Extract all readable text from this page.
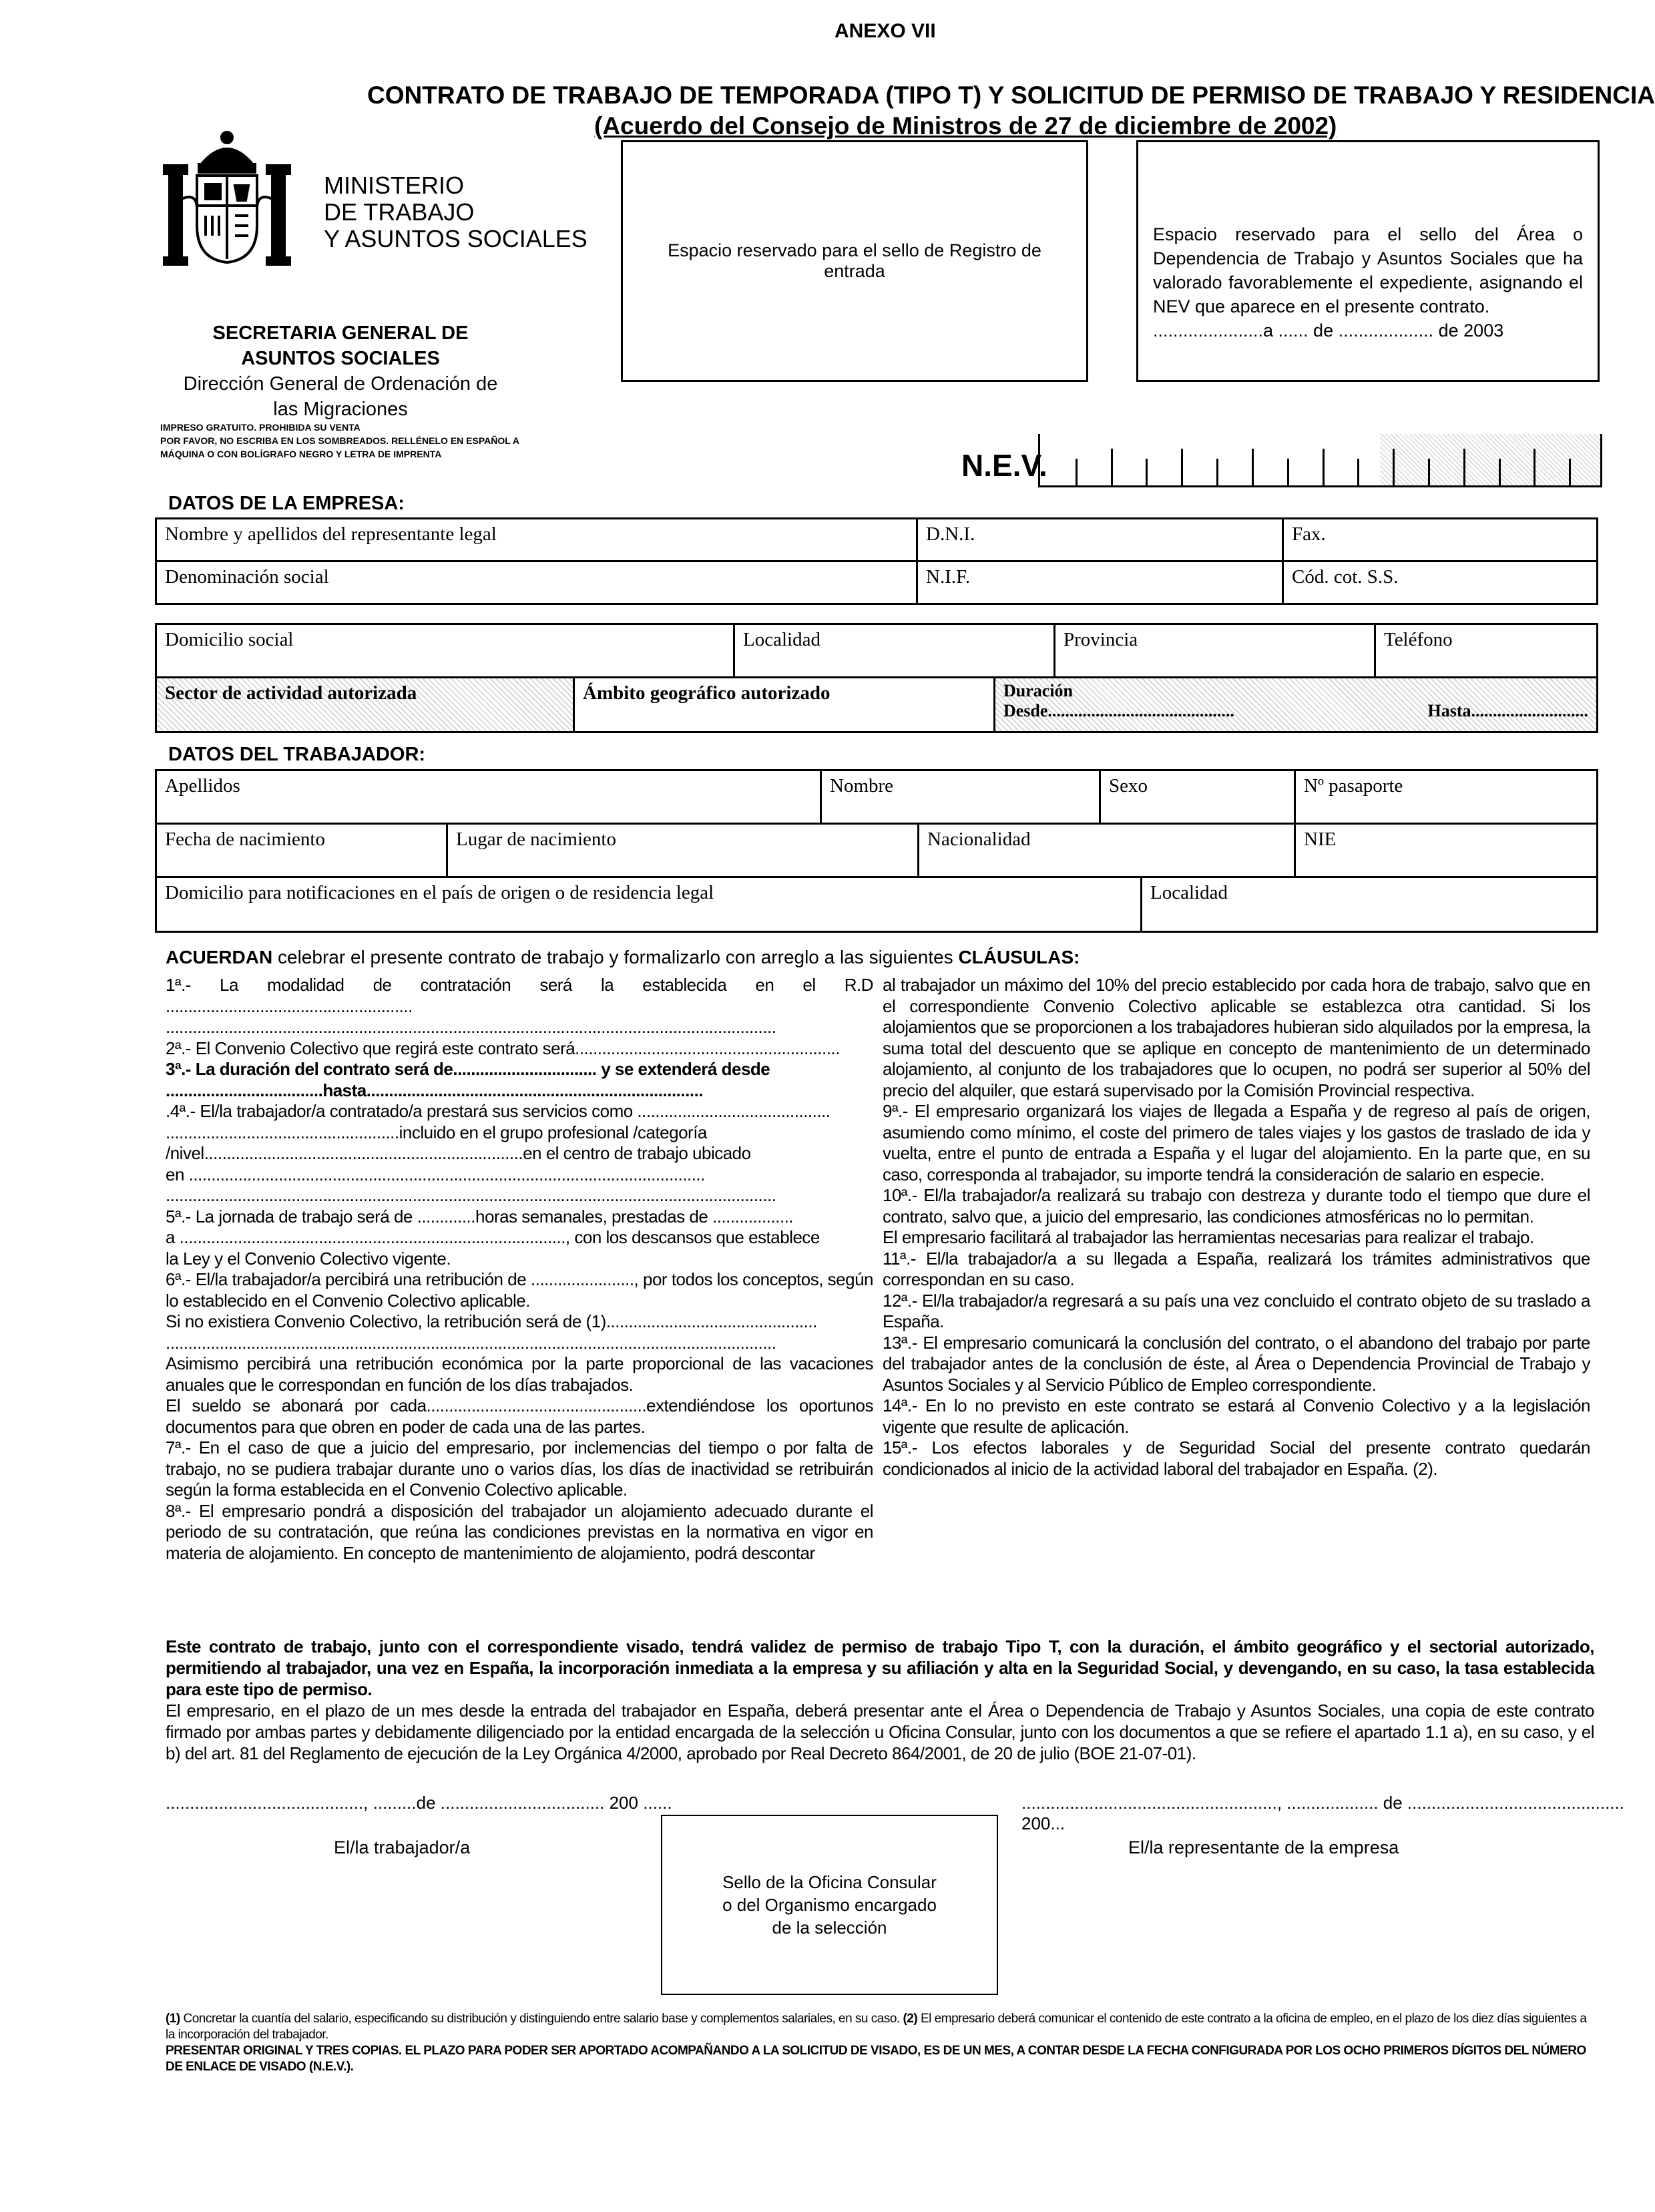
ANEXO VII
CONTRATO DE TRABAJO DE TEMPORADA (TIPO T) Y SOLICITUD DE PERMISO DE TRABAJO Y RESIDENCIA
(Acuerdo del Consejo de Ministros de 27 de diciembre de 2002)
MINISTERIO
DE TRABAJO
Y ASUNTOS SOCIALES
SECRETARIA GENERAL DE
ASUNTOS SOCIALES
Dirección General de Ordenación de
las Migraciones
IMPRESO GRATUITO. PROHIBIDA SU VENTA
POR FAVOR, NO ESCRIBA EN LOS SOMBREADOS. RELLÉNELO EN ESPAÑOL A
MÁQUINA O CON BOLÍGRAFO NEGRO Y LETRA DE IMPRENTA
Espacio reservado para el sello de Registro de entrada
Espacio reservado para el sello del Área o Dependencia de Trabajo y Asuntos Sociales que ha valorado favorablemente el expediente, asignando el NEV que aparece en el presente contrato.
......................a ...... de ................... de 2003
N.E.V.
DATOS DE LA EMPRESA:
Nombre y apellidos del representante legal	D.N.I.	Fax.
Denominación social	N.I.F.	Cód. cot. S.S.
Domicilio social	Localidad	Provincia	Teléfono
Sector de actividad autorizada	Ámbito geográfico autorizado	Duración
Desde...........................................	Hasta...........................
DATOS DEL TRABAJADOR:
Apellidos	Nombre	Sexo	Nº pasaporte
Fecha de nacimiento	Lugar de nacimiento	Nacionalidad	NIE
Domicilio para notificaciones en el país de origen o de residencia legal	Localidad
ACUERDAN celebrar el presente contrato de trabajo y formalizarlo con arreglo a las siguientes CLÁUSULAS:

1ª.- La modalidad de contratación será la establecida en el R.D .......................................................

........................................................................................................................................

2ª.- El Convenio Colectivo que regirá este contrato será...........................................................

3ª.- La duración del contrato será de................................ y se extenderá desde

...................................hasta...........................................................................

.4ª.- El/la trabajador/a contratado/a prestará sus servicios como ...........................................

....................................................incluido en el grupo profesional /categoría

/nivel.......................................................................en el centro de trabajo ubicado

en ...................................................................................................................

........................................................................................................................................

5ª.- La jornada de trabajo será de .............horas semanales, prestadas de ..................

a ......................................................................................, con los descansos que establece

la Ley y el Convenio Colectivo vigente.

6ª.- El/la trabajador/a percibirá una retribución de ......................., por todos los conceptos, según lo establecido en el Convenio Colectivo aplicable.

Si no existiera Convenio Colectivo, la retribución será de (1)...............................................

........................................................................................................................................

Asimismo percibirá una retribución económica por la parte proporcional de las vacaciones anuales que le correspondan en función de los días trabajados.

El sueldo se abonará por cada.................................................extendiéndose los oportunos documentos para que obren en poder de cada una de las partes.

7ª.- En el caso de que a juicio del empresario, por inclemencias del tiempo o por falta de trabajo, no se pudiera trabajar durante uno o varios días, los días de inactividad se retribuirán según la forma establecida en el Convenio Colectivo aplicable.

8ª.- El empresario pondrá a disposición del trabajador un alojamiento adecuado durante el periodo de su contratación, que reúna las condiciones previstas en la normativa en vigor en materia de alojamiento. En concepto de mantenimiento de alojamiento, podrá descontar

al trabajador un máximo del 10% del precio establecido por cada hora de trabajo, salvo que en el correspondiente Convenio Colectivo aplicable se establezca otra cantidad. Si los alojamientos que se proporcionen a los trabajadores hubieran sido alquilados por la empresa, la suma total del descuento que se aplique en concepto de mantenimiento de un determinado alojamiento, al conjunto de los trabajadores que lo ocupen, no podrá ser superior al 50% del precio del alquiler, que estará supervisado por la Comisión Provincial respectiva.

9ª.- El empresario organizará los viajes de llegada a España y de regreso al país de origen, asumiendo como mínimo, el coste del primero de tales viajes y los gastos de traslado de ida y vuelta, entre el punto de entrada a España y el lugar del alojamiento. En la parte que, en su caso, corresponda al trabajador, su importe tendrá la consideración de salario en especie.

10ª.- El/la trabajador/a realizará su trabajo con destreza y durante todo el tiempo que dure el contrato, salvo que, a juicio del empresario, las condiciones atmosféricas no lo permitan.

El empresario facilitará al trabajador las herramientas necesarias para realizar el trabajo.

11ª.- El/la trabajador/a a su llegada a España, realizará los trámites administrativos que correspondan en su caso.

12ª.- El/la trabajador/a regresará a su país una vez concluido el contrato objeto de su traslado a España.

13ª.- El empresario comunicará la conclusión del contrato, o el abandono del trabajo por parte del trabajador antes de la conclusión de éste, al Área o Dependencia Provincial de Trabajo y Asuntos Sociales y al Servicio Público de Empleo correspondiente.

14ª.- En lo no previsto en este contrato se estará al Convenio Colectivo y a la legislación vigente que resulte de aplicación.

15ª.- Los efectos laborales y de Seguridad Social del presente contrato quedarán condicionados al inicio de la actividad laboral del trabajador en España. (2).

Este contrato de trabajo, junto con el correspondiente visado, tendrá validez de permiso de trabajo Tipo T, con la duración, el ámbito geográfico y el sectorial autorizado, permitiendo al trabajador, una vez en España, la incorporación inmediata a la empresa y su afiliación y alta en la Seguridad Social, y devengando, en su caso, la tasa establecida para este tipo de permiso.

El empresario, en el plazo de un mes desde la entrada del trabajador en España, deberá presentar ante el Área o Dependencia de Trabajo y Asuntos Sociales, una copia de este contrato firmado por ambas partes y debidamente diligenciado por la entidad encargada de la selección u Oficina Consular, junto con los documentos a que se refiere el apartado 1.1 a), en su caso, y el b) del art. 81 del Reglamento de ejecución de la Ley Orgánica 4/2000, aprobado por Real Decreto 864/2001, de 20 de julio (BOE 21-07-01).

........................................., .........de .................................. 200 ......	....................................................., ................... de ............................................. 200...
El/la trabajador/a	El/la representante de la empresa
Sello de la Oficina Consular
o del Organismo encargado
de la selección

(1) Concretar la cuantía del salario, especificando su distribución y distinguiendo entre salario base y complementos salariales, en su caso. (2) El empresario deberá comunicar el contenido de este contrato a la oficina de empleo, en el plazo de los diez días siguientes a la incorporación del trabajador.

PRESENTAR ORIGINAL Y TRES COPIAS. EL PLAZO PARA PODER SER APORTADO ACOMPAÑANDO A LA SOLICITUD DE VISADO, ES DE UN MES, A CONTAR DESDE LA FECHA CONFIGURADA POR LOS OCHO PRIMEROS DÍGITOS DEL NÚMERO DE ENLACE DE VISADO (N.E.V.).
